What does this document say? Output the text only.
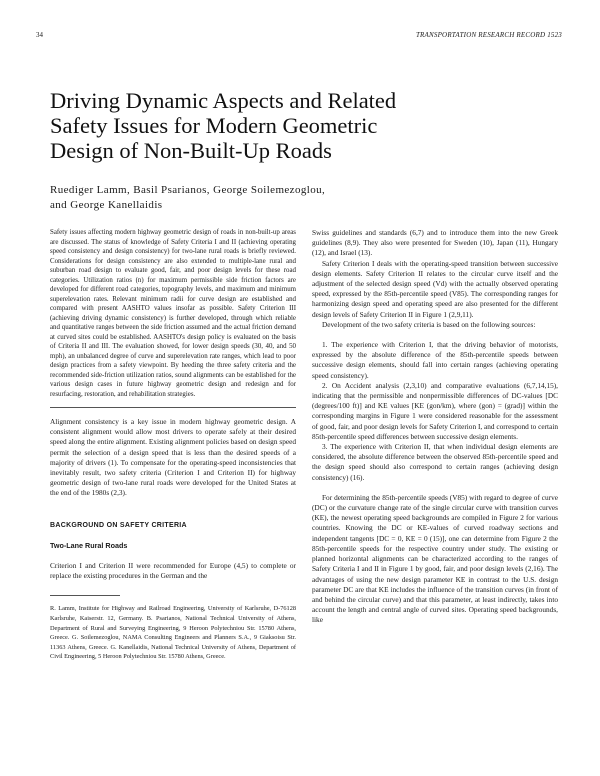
34	TRANSPORTATION RESEARCH RECORD 1523
Driving Dynamic Aspects and Related
Safety Issues for Modern Geometric
Design of Non-Built-Up Roads
Ruediger Lamm, Basil Psarianos, George Soilemezoglou,
and George Kanellaidis

Safety issues affecting modern highway geometric design of roads in non-built-up areas are discussed. The status of knowledge of Safety Criteria I and II (achieving operating speed consistency and design consistency) for two-lane rural roads is briefly reviewed. Considerations for design consistency are also extended to multiple-lane rural and suburban road design to evaluate good, fair, and poor design levels for these road categories. Utilization ratios (n) for maximum permissible side friction factors are developed for different road categories, topography levels, and maximum and minimum superelevation rates. Relevant minimum radii for curve design are established and compared with present AASHTO values insofar as possible. Safety Criterion III (achieving driving dynamic consistency) is further developed, through which reliable and quantitative ranges between the side friction assumed and the actual friction demand at curved sites could be established. AASHTO's design policy is evaluated on the basis of Criteria II and III. The evaluation showed, for lower design speeds (30, 40, and 50 mph), an unbalanced degree of curve and superelevation rate ranges, which lead to poor design practices from a safety viewpoint. By heeding the three safety criteria and the recommended side-friction utilization ratios, sound alignments can be established for the various design cases in future highway geometric design and redesign and for resurfacing, restoration, and rehabilitation strategies.

Alignment consistency is a key issue in modern highway geometric design. A consistent alignment would allow most drivers to operate safely at their desired speed along the entire alignment. Existing alignment policies based on design speed permit the selection of a design speed that is less than the desired speeds of a majority of drivers (1). To compensate for the operating-speed inconsistencies that inevitably result, two safety criteria (Criterion I and Criterion II) for highway geometric design of two-lane rural roads were developed for the United States at the end of the 1980s (2,3).

BACKGROUND ON SAFETY CRITERIA
Two-Lane Rural Roads

Criterion I and Criterion II were recommended for Europe (4,5) to complete or replace the existing procedures in the German and the

R. Lamm, Institute for Highway and Railroad Engineering, University of Karlsruhe, D-76128 Karlsruhe, Kaiserstr. 12, Germany. B. Psarianos, National Technical University of Athens, Department of Rural and Surveying Engineering, 9 Heroon Polytechniou Str. 15780 Athens, Greece. G. Soilemezoglou, NAMA Consulting Engineers and Planners S.A., 9 Giaksoisu Str. 11363 Athens, Greece. G. Kanellaidis, National Technical University of Athens, Department of Civil Engineering, 5 Heroon Polytechniou Str. 15780 Athens, Greece.

Swiss guidelines and standards (6,7) and to introduce them into the new Greek guidelines (8,9). They also were presented for Sweden (10), Japan (11), Hungary (12), and Israel (13).

Safety Criterion I deals with the operating-speed transition between successive design elements. Safety Criterion II relates to the circular curve itself and the adjustment of the selected design speed (Vd) with the actually observed operating speed, expressed by the 85th-percentile speed (V85). The corresponding ranges for harmonizing design speed and operating speed are also presented for the different design levels of Safety Criterion II in Figure 1 (2,9,11).

Development of the two safety criteria is based on the following sources:

1. The experience with Criterion I, that the driving behavior of motorists, expressed by the absolute difference of the 85th-percentile speeds between successive design elements, should fall into certain ranges (achieving operating speed consistency).

2. On Accident analysis (2,3,10) and comparative evaluations (6,7,14,15), indicating that the permissible and nonpermissible differences of DC-values [DC (degrees/100 ft)] and KE values [KE (gon/km), where (gon) = (grad)] within the corresponding margins in Figure 1 were considered reasonable for the assessment of good, fair, and poor design levels for Safety Criterion I, and correspond to certain 85th-percentile speed differences between successive design elements.

3. The experience with Criterion II, that when individual design elements are considered, the absolute difference between the observed 85th-percentile speed and the design speed should also correspond to certain ranges (achieving design consistency) (16).

For determining the 85th-percentile speeds (V85) with regard to degree of curve (DC) or the curvature change rate of the single circular curve with transition curves (KE), the newest operating speed backgrounds are compiled in Figure 2 for various countries. Knowing the DC or KE-values of curved roadway sections and independent tangents [DC = 0, KE = 0 (15)], one can determine from Figure 2 the 85th-percentile speeds for the respective country under study. The existing or planned horizontal alignments can be characterized according to the ranges of Safety Criteria I and II in Figure 1 by good, fair, and poor design levels (2,16). The advantages of using the new design parameter KE in contrast to the U.S. design parameter DC are that KE includes the influence of the transition curves (in front of and behind the circular curve) and that this parameter, at least indirectly, takes into account the length and central angle of curved sites. Operating speed backgrounds, like
